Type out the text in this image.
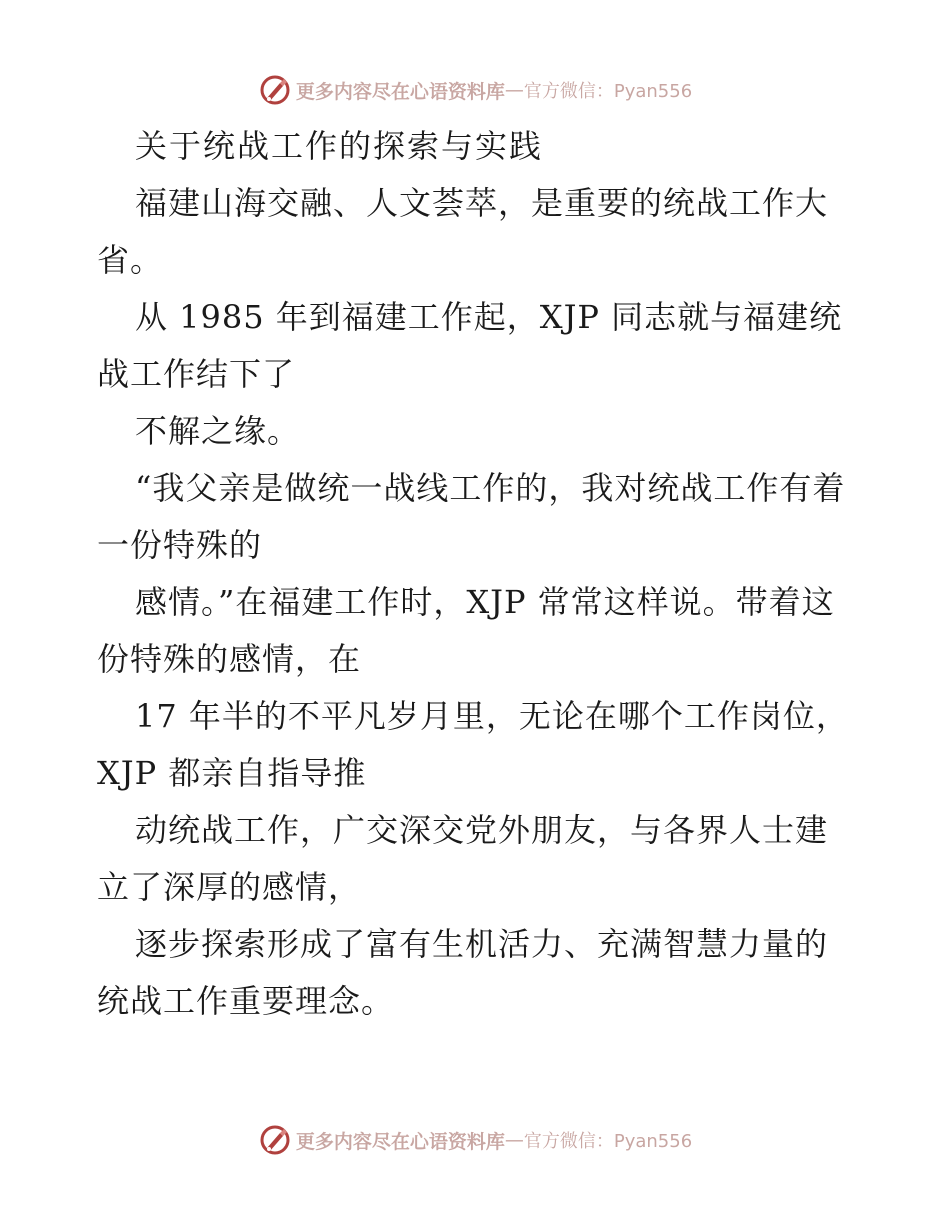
更多内容尽在心语资料库 — 官方微信：Pyan556

关于统战工作的探索与实践

福建山海交融、人文荟萃，是重要的统战工作大省。

从 1985 年到福建工作起，XJP 同志就与福建统战工作结下了

不解之缘。

“我父亲是做统一战线工作的，我对统战工作有着一份特殊的

感情。”在福建工作时，XJP 常常这样说。带着这份特殊的感情，在

17 年半的不平凡岁月里，无论在哪个工作岗位，XJP 都亲自指导推

动统战工作，广交深交党外朋友，与各界人士建立了深厚的感情，

逐步探索形成了富有生机活力、充满智慧力量的统战工作重要理念。

更多内容尽在心语资料库 — 官方微信：Pyan556
